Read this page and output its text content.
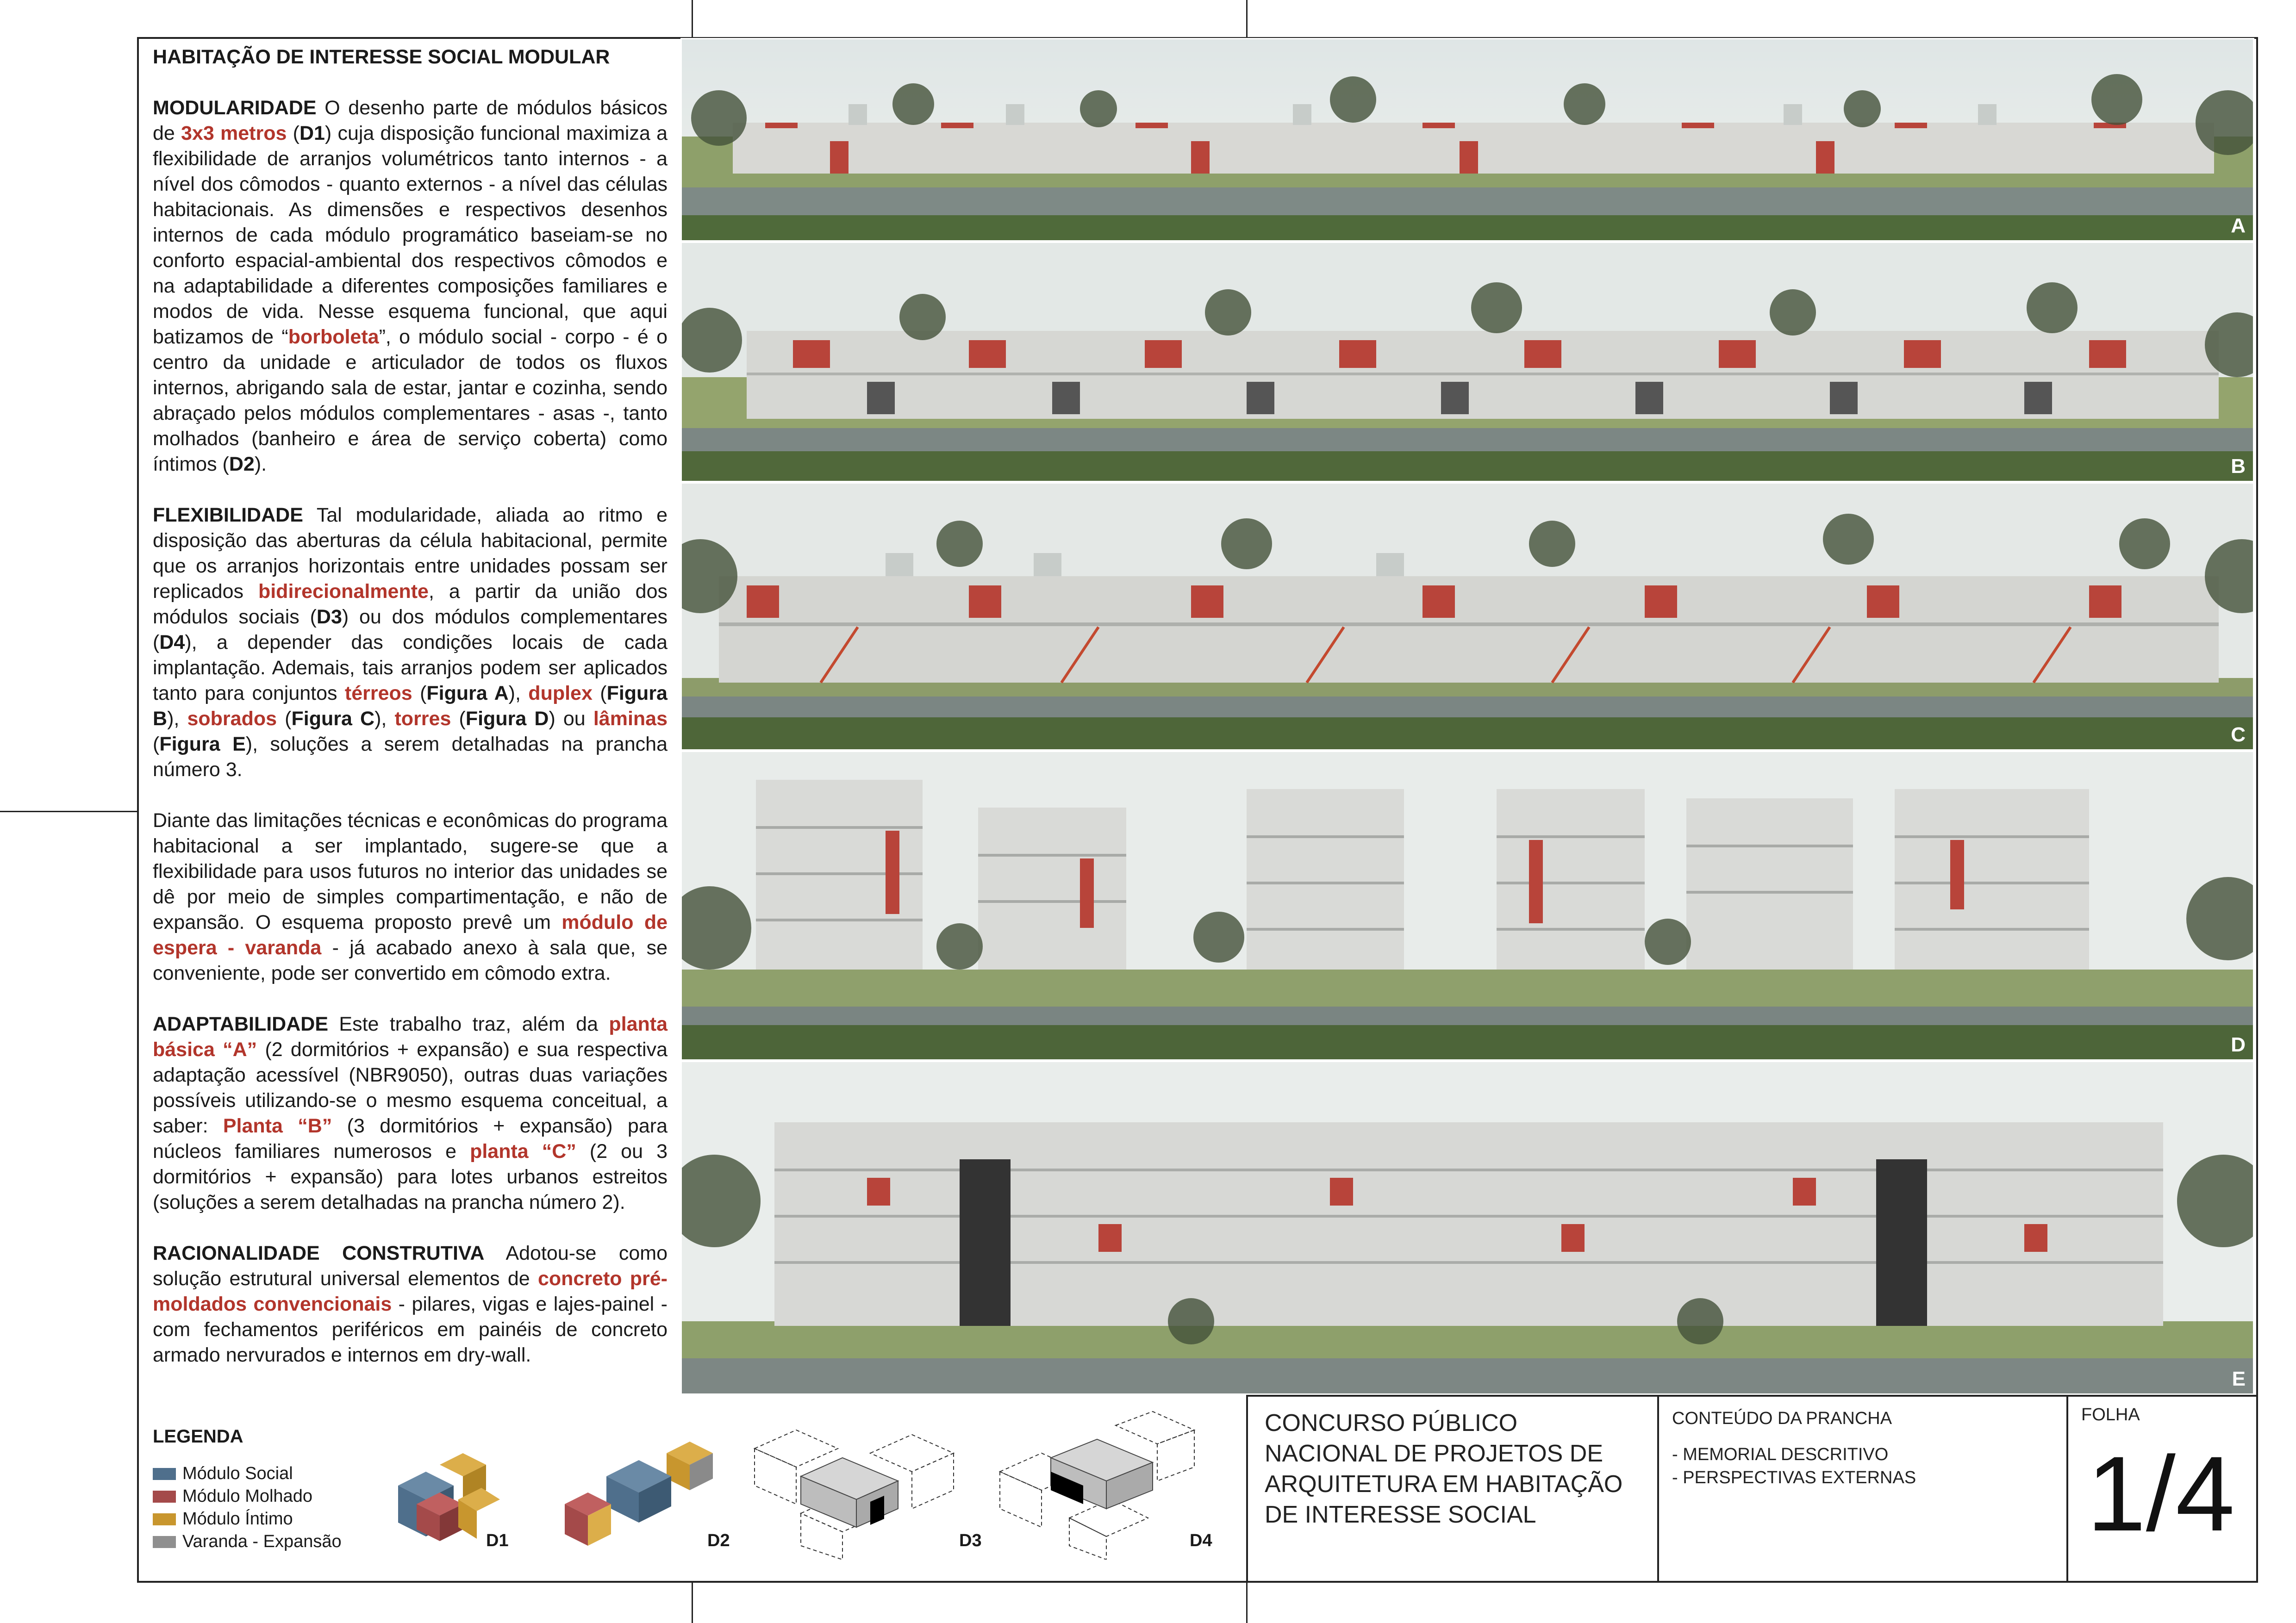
HABITAÇÃO DE INTERESSE SOCIAL MODULAR

MODULARIDADE O desenho parte de módulos básicos de 3x3 metros (D1) cuja disposição funcional maximiza a flexibilidade de arranjos volumétricos tanto internos - a nível dos cômodos - quanto externos - a nível das células habitacionais. As dimensões e respectivos desenhos internos de cada módulo programático baseiam-se no conforto espacial-ambiental dos respectivos cômodos e na adaptabilidade a diferentes composições familiares e modos de vida. Nesse esquema funcional, que aqui batizamos de “borboleta”, o módulo social - corpo - é o centro da unidade e articulador de todos os fluxos internos, abrigando sala de estar, jantar e cozinha, sendo abraçado pelos módulos complementares - asas -, tanto molhados (banheiro e área de serviço coberta) como íntimos (D2).

FLEXIBILIDADE Tal modularidade, aliada ao ritmo e disposição das aberturas da célula habitacional, permite que os arranjos horizontais entre unidades possam ser replicados bidirecionalmente, a partir da união dos módulos sociais (D3) ou dos módulos complementares (D4), a depender das condições locais de cada implantação. Ademais, tais arranjos podem ser aplicados tanto para conjuntos térreos (Figura A), duplex (Figura B), sobrados (Figura C), torres (Figura D) ou lâminas (Figura E), soluções a serem detalhadas na prancha número 3.

Diante das limitações técnicas e econômicas do programa habitacional a ser implantado, sugere-se que a flexibilidade para usos futuros no interior das unidades se dê por meio de simples compartimentação, e não de expansão. O esquema proposto prevê um módulo de espera - varanda - já acabado anexo à sala que, se conveniente, pode ser convertido em cômodo extra.

ADAPTABILIDADE Este trabalho traz, além da planta básica “A” (2 dormitórios + expansão) e sua respectiva adaptação acessível (NBR9050), outras duas variações possíveis utilizando-se o mesmo esquema conceitual, a saber: Planta “B” (3 dormitórios + expansão) para núcleos familiares numerosos e planta “C” (2 ou 3 dormitórios + expansão) para lotes urbanos estreitos (soluções a serem detalhadas na prancha número 2).

RACIONALIDADE CONSTRUTIVA Adotou-se como solução estrutural universal elementos de concreto pré-moldados convencionais - pilares, vigas e lajes-painel - com fechamentos periféricos em painéis de concreto armado nervurados e internos em dry-wall.

A
B
C
D
E
LEGENDA
Módulo Social
Módulo Molhado
Módulo Íntimo
Varanda - Expansão	D1	D2	D3	D4
CONCURSO PÚBLICO NACIONAL DE PROJETOS DE ARQUITETURA EM HABITAÇÃO DE INTERESSE SOCIAL
CONTEÚDO DA PRANCHA
- MEMORIAL DESCRITIVO
- PERSPECTIVAS EXTERNAS
FOLHA
1/4
